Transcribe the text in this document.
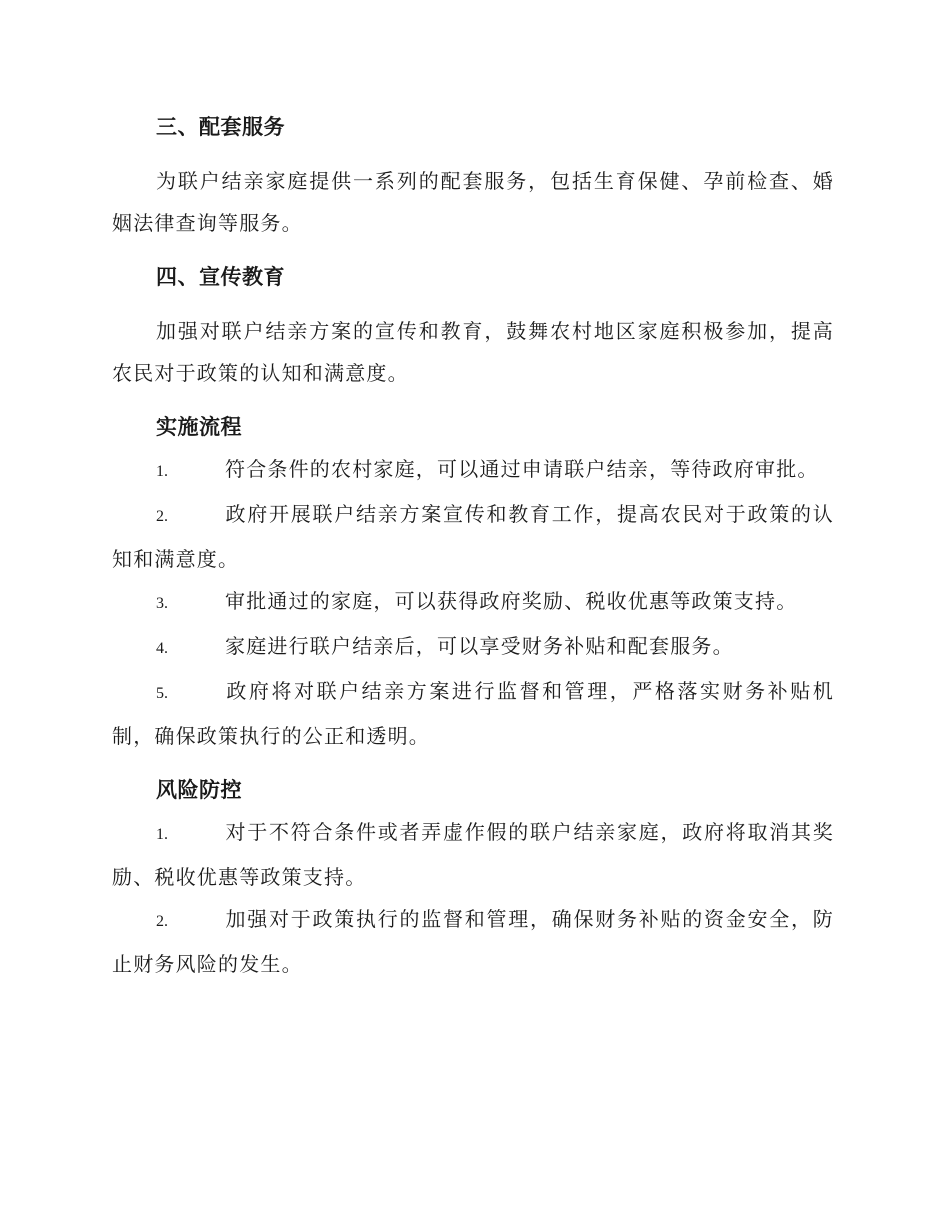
三、配套服务

为联户结亲家庭提供一系列的配套服务，包括生育保健、孕前检查、婚姻法律查询等服务。

四、宣传教育

加强对联户结亲方案的宣传和教育，鼓舞农村地区家庭积极参加，提高农民对于政策的认知和满意度。

实施流程

1.	符合条件的农村家庭，可以通过申请联户结亲，等待政府审批。

2.	政府开展联户结亲方案宣传和教育工作，提高农民对于政策的认知和满意度。

3.	审批通过的家庭，可以获得政府奖励、税收优惠等政策支持。

4.	家庭进行联户结亲后，可以享受财务补贴和配套服务。

5.	政府将对联户结亲方案进行监督和管理，严格落实财务补贴机制，确保政策执行的公正和透明。

风险防控

1.	对于不符合条件或者弄虚作假的联户结亲家庭，政府将取消其奖励、税收优惠等政策支持。

2.	加强对于政策执行的监督和管理，确保财务补贴的资金安全，防止财务风险的发生。
